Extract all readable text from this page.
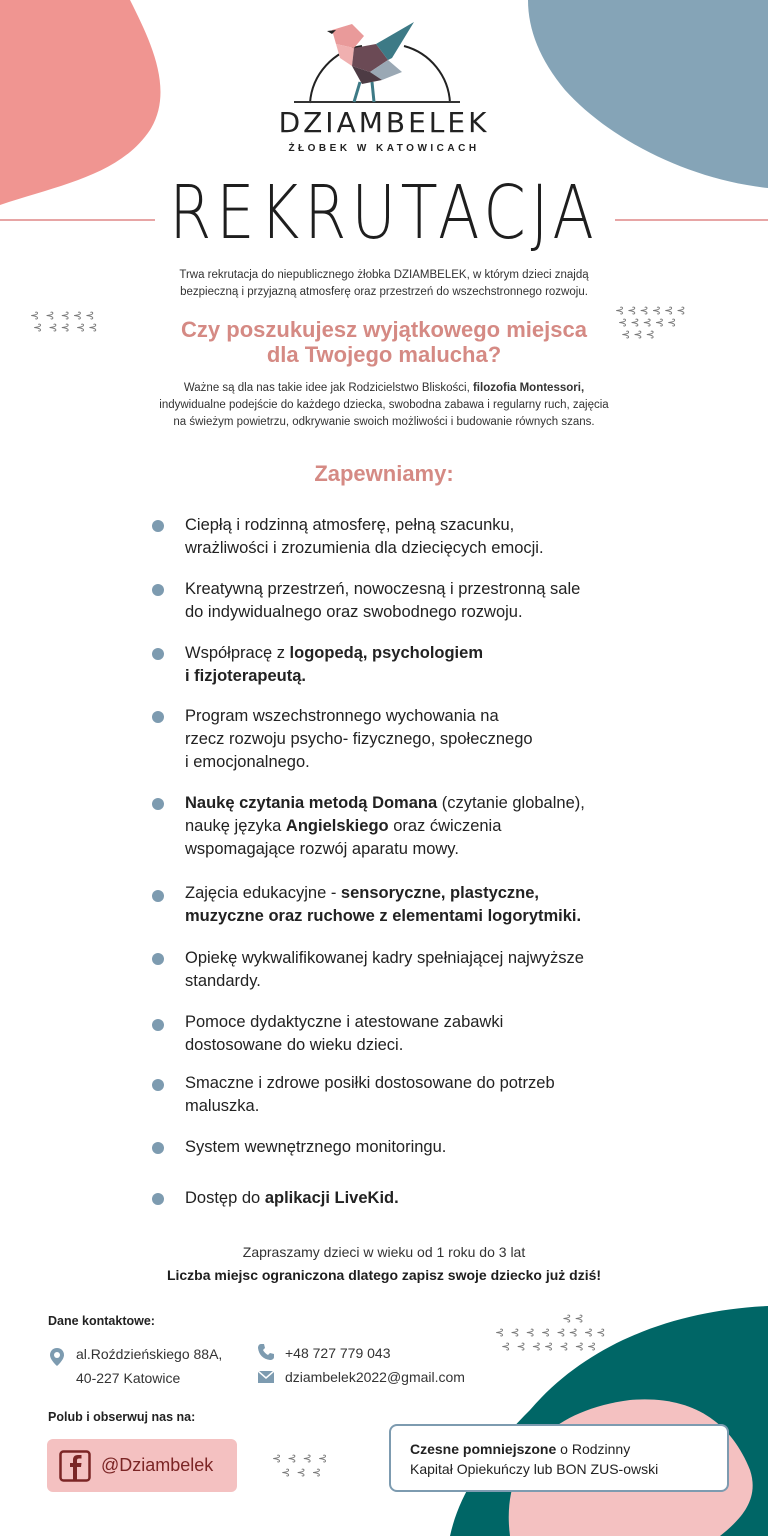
DZIAMBELEK
ŻŁOBEK W KATOWICACH
REKRUTACJA
Trwa rekrutacja do niepublicznego żłobka DZIAMBELEK, w którym dzieci znajdą
bezpieczną i przyjazną atmosferę oraz przestrzeń do wszechstronnego rozwoju.
⊰  ⊰  ⊰ ⊰ ⊰
⊰  ⊰ ⊰  ⊰ ⊰
⊰ ⊰ ⊰ ⊰ ⊰ ⊰
⊰ ⊰ ⊰ ⊰ ⊰
⊰ ⊰ ⊰
Czy poszukujesz wyjątkowego miejsca
dla Twojego malucha?
Ważne są dla nas takie idee jak Rodzicielstwo Bliskości, filozofia Montessori,
indywidualne podejście do każdego dziecka, swobodna zabawa i regularny ruch, zajęcia
na świeżym powietrzu, odkrywanie swoich możliwości i budowanie równych szans.
Zapewniamy:
Ciepłą i rodzinną atmosferę, pełną szacunku,
wrażliwości i zrozumienia dla dziecięcych emocji.
Kreatywną przestrzeń, nowoczesną i przestronną sale
do indywidualnego oraz swobodnego rozwoju.
Współpracę z logopedą, psychologiem
i fizjoterapeutą.
Program wszechstronnego wychowania na
rzecz rozwoju psycho- fizycznego, społecznego
i emocjonalnego.
Naukę czytania metodą Domana (czytanie globalne),
naukę języka Angielskiego oraz ćwiczenia
wspomagające rozwój aparatu mowy.
Zajęcia edukacyjne - sensoryczne, plastyczne,
muzyczne oraz ruchowe z elementami logorytmiki.
Opiekę wykwalifikowanej kadry spełniającej najwyższe
standardy.
Pomoce dydaktyczne i atestowane zabawki
dostosowane do wieku dzieci.
Smaczne i zdrowe posiłki dostosowane do potrzeb
maluszka.
System wewnętrznego monitoringu.
Dostęp do aplikacji LiveKid.
Zapraszamy dzieci w wieku od 1 roku do 3 lat
Liczba miejsc ograniczona dlatego zapisz swoje dziecko już dziś!
Dane kontaktowe:
al.Roździeńskiego 88A,
40-227 Katowice
+48 727 779 043
dziambelek2022@gmail.com
Polub i obserwuj nas na:
@Dziambelek	⊰  ⊰  ⊰  ⊰
⊰  ⊰  ⊰
⊰ ⊰
⊰  ⊰  ⊰  ⊰  ⊰ ⊰  ⊰ ⊰
⊰  ⊰  ⊰ ⊰  ⊰  ⊰ ⊰
Czesne pomniejszone o Rodzinny
Kapitał Opiekuńczy lub BON ZUS-owski
